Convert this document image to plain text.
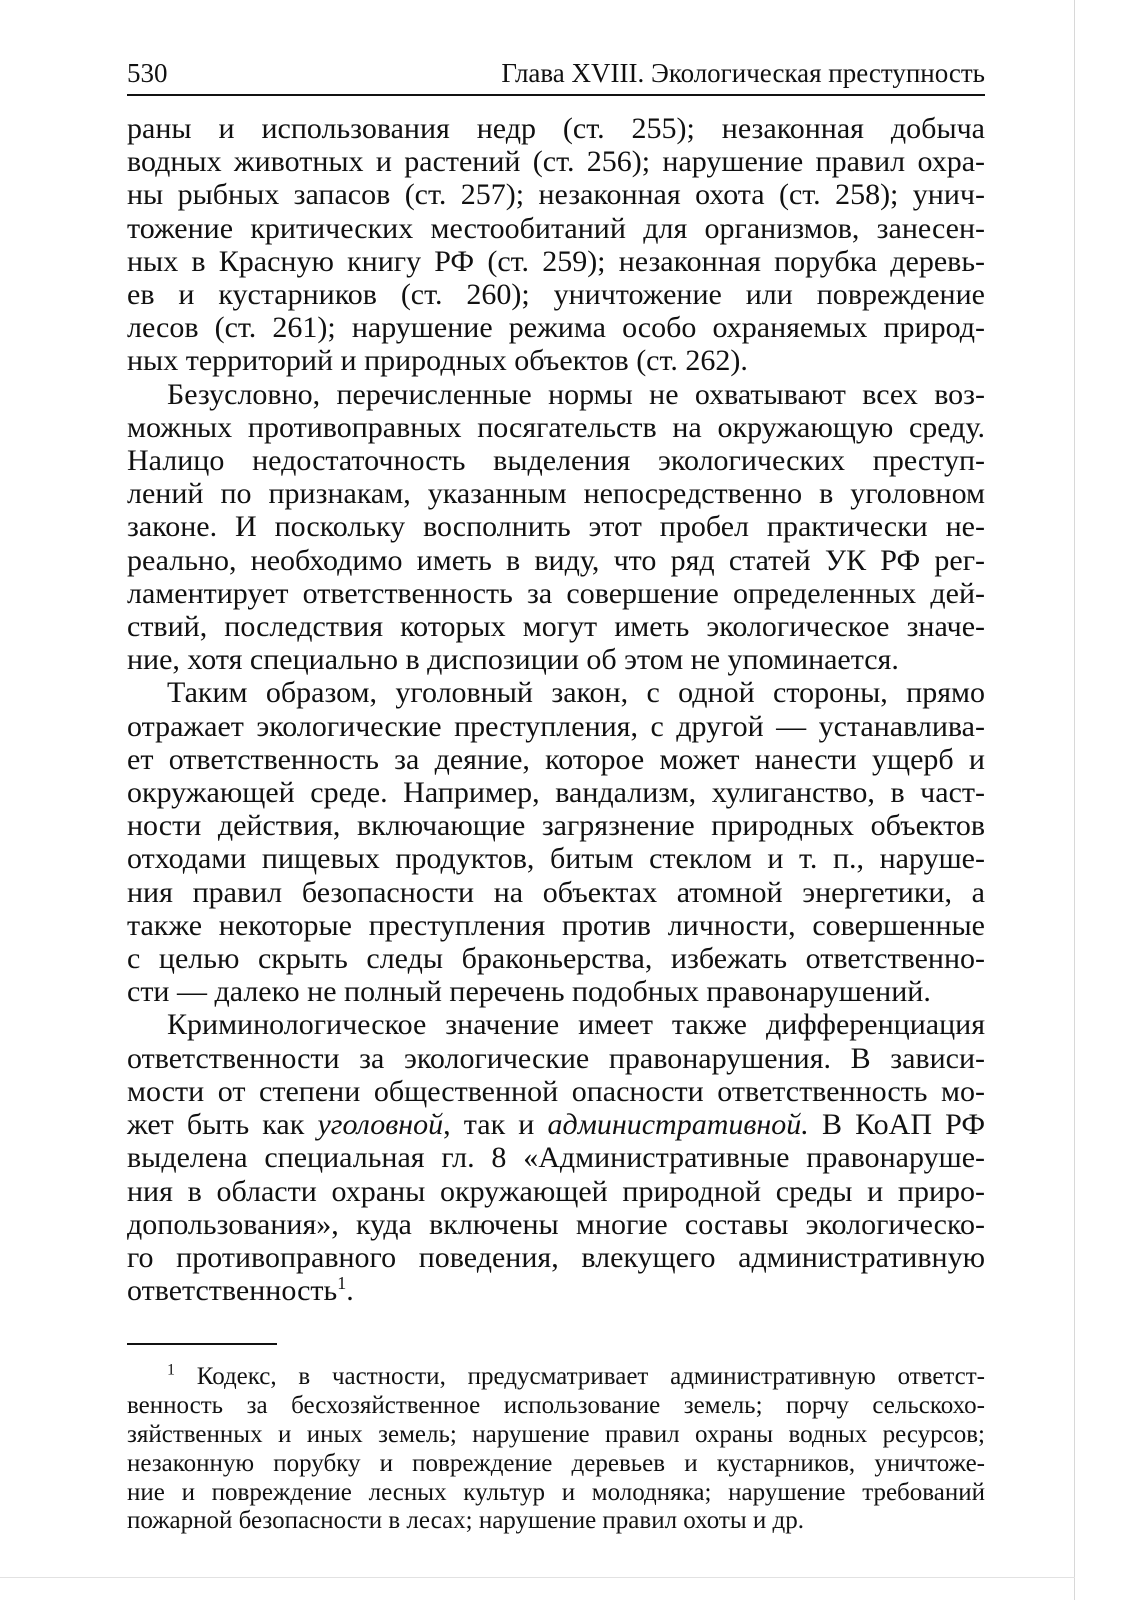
530	Глава XVIII. Экологическая преступность

раны и использования недр (ст. 255); незаконная добыча
водных животных и растений (ст. 256); нарушение правил охра-
ны рыбных запасов (ст. 257); незаконная охота (ст. 258); унич-
тожение критических местообитаний для организмов, занесен-
ных в Красную книгу РФ (ст. 259); незаконная порубка деревь-
ев и кустарников (ст. 260); уничтожение или повреждение
лесов (ст. 261); нарушение режима особо охраняемых природ-
ных территорий и природных объектов (ст. 262).

Безусловно, перечисленные нормы не охватывают всех воз-
можных противоправных посягательств на окружающую среду.
Налицо недостаточность выделения экологических преступ-
лений по признакам, указанным непосредственно в уголовном
законе. И поскольку восполнить этот пробел практически не-
реально, необходимо иметь в виду, что ряд статей УК РФ рег-
ламентирует ответственность за совершение определенных дей-
ствий, последствия которых могут иметь экологическое значе-
ние, хотя специально в диспозиции об этом не упоминается.

Таким образом, уголовный закон, с одной стороны, прямо
отражает экологические преступления, с другой — устанавлива-
ет ответственность за деяние, которое может нанести ущерб и
окружающей среде. Например, вандализм, хулиганство, в част-
ности действия, включающие загрязнение природных объектов
отходами пищевых продуктов, битым стеклом и т. п., наруше-
ния правил безопасности на объектах атомной энергетики, а
также некоторые преступления против личности, совершенные
с целью скрыть следы браконьерства, избежать ответственно-
сти — далеко не полный перечень подобных правонарушений.

Криминологическое значение имеет также дифференциация
ответственности за экологические правонарушения. В зависи-
мости от степени общественной опасности ответственность мо-
жет быть как уголовной, так и административной. В КоАП РФ
выделена специальная гл. 8 «Административные правонаруше-
ния в области охраны окружающей природной среды и приро-
допользования», куда включены многие составы экологическо-
го противоправного поведения, влекущего административную
ответственность$^1$.

$^1$ Кодекс, в частности, предусматривает административную ответст-
венность за бесхозяйственное использование земель; порчу сельскохо-
зяйственных и иных земель; нарушение правил охраны водных ресурсов;
незаконную порубку и повреждение деревьев и кустарников, уничтоже-
ние и повреждение лесных культур и молодняка; нарушение требований
пожарной безопасности в лесах; нарушение правил охоты и др.
